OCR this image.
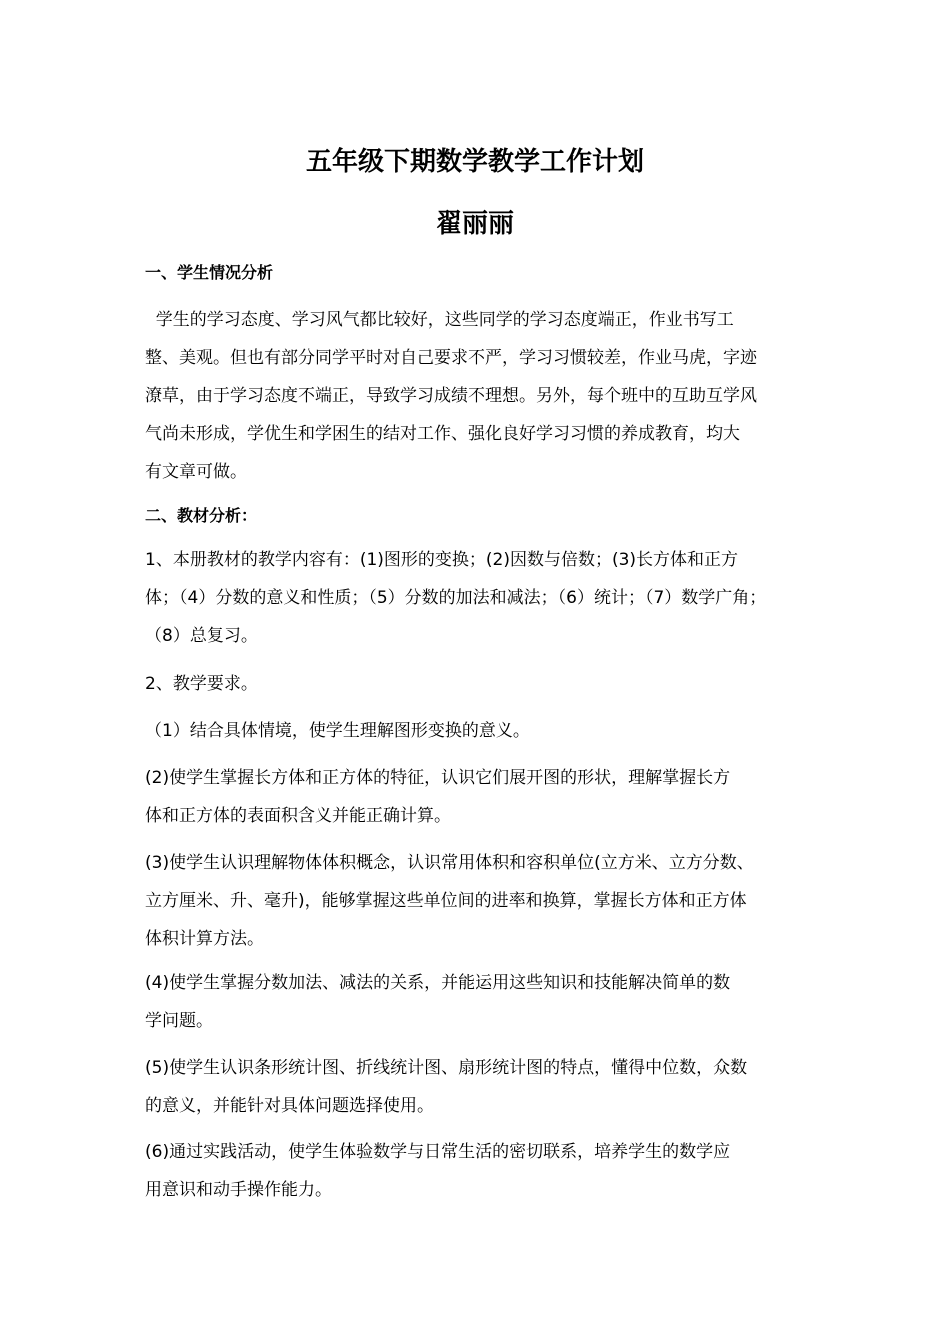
五年级下期数学教学工作计划
翟丽丽
一、学生情况分析

学生的学习态度、学习风气都比较好，这些同学的学习态度端正，作业书写工
整、美观。但也有部分同学平时对自己要求不严，学习习惯较差，作业马虎，字迹
潦草，由于学习态度不端正，导致学习成绩不理想。另外，每个班中的互助互学风
气尚未形成，学优生和学困生的结对工作、强化良好学习习惯的养成教育，均大
有文章可做。

二、教材分析：

1、本册教材的教学内容有：(1)图形的变换；(2)因数与倍数；(3)长方体和正方
体；（4）分数的意义和性质；（5）分数的加法和减法；（6）统计；（7）数学广角；
（8）总复习。

2、教学要求。

（1）结合具体情境，使学生理解图形变换的意义。

(2)使学生掌握长方体和正方体的特征，认识它们展开图的形状，理解掌握长方
体和正方体的表面积含义并能正确计算。

(3)使学生认识理解物体体积概念，认识常用体积和容积单位(立方米、立方分数、
立方厘米、升、毫升)，能够掌握这些单位间的进率和换算，掌握长方体和正方体
体积计算方法。

(4)使学生掌握分数加法、减法的关系，并能运用这些知识和技能解决简单的数
学问题。

(5)使学生认识条形统计图、折线统计图、扇形统计图的特点，懂得中位数，众数
的意义，并能针对具体问题选择使用。

(6)通过实践活动，使学生体验数学与日常生活的密切联系，培养学生的数学应
用意识和动手操作能力。
